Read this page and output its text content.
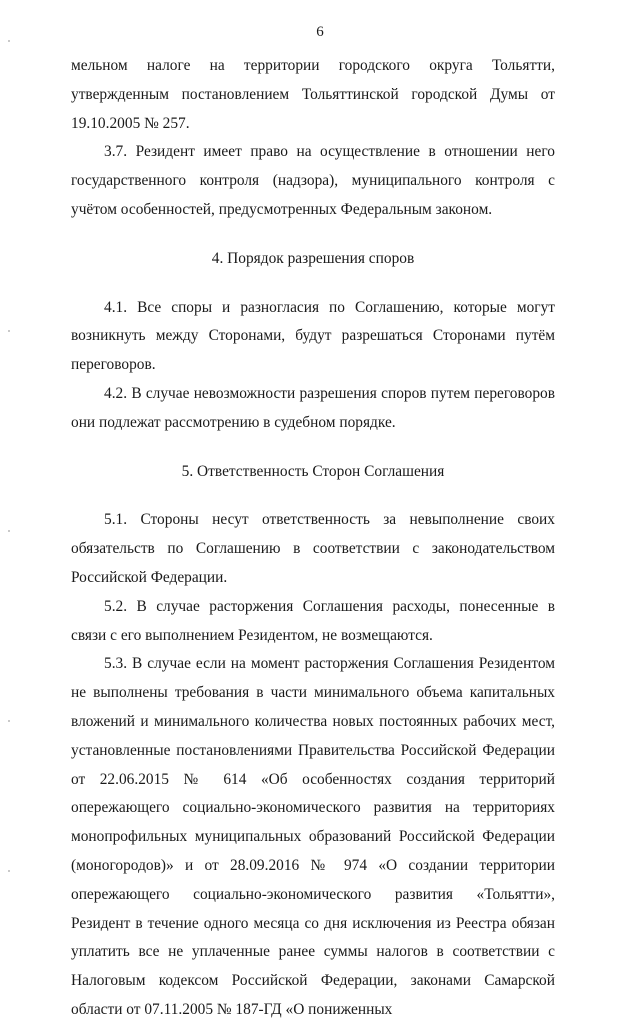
6

мельном налоге на территории городского округа Тольятти, утвержденным постановлением Тольяттинской городской Думы от 19.10.2005 № 257.

3.7. Резидент имеет право на осуществление в отношении него государственного контроля (надзора), муниципального контроля с учётом особенностей, предусмотренных Федеральным законом.

4. Порядок разрешения споров

4.1. Все споры и разногласия по Соглашению, которые могут возникнуть между Сторонами, будут разрешаться Сторонами путём переговоров.

4.2. В случае невозможности разрешения споров путем переговоров они подлежат рассмотрению в судебном порядке.

5. Ответственность Сторон Соглашения

5.1. Стороны несут ответственность за невыполнение своих обязательств по Соглашению в соответствии с законодательством Российской Федерации.

5.2. В случае расторжения Соглашения расходы, понесенные в связи с его выполнением Резидентом, не возмещаются.

5.3. В случае если на момент расторжения Соглашения Резидентом не выполнены требования в части минимального объема капитальных вложений и минимального количества новых постоянных рабочих мест, установленные постановлениями Правительства Российской Федерации от 22.06.2015 № 614 «Об особенностях создания территорий опережающего социально-экономического развития на территориях монопрофильных муниципальных образований Российской Федерации (моногородов)» и от 28.09.2016 № 974 «О создании территории опережающего социально-экономического развития «Тольятти», Резидент в течение одного месяца со дня исключения из Реестра обязан уплатить все не уплаченные ранее суммы налогов в соответствии с Налоговым кодексом Российской Федерации, законами Самарской области от 07.11.2005 № 187-ГД «О пониженных
